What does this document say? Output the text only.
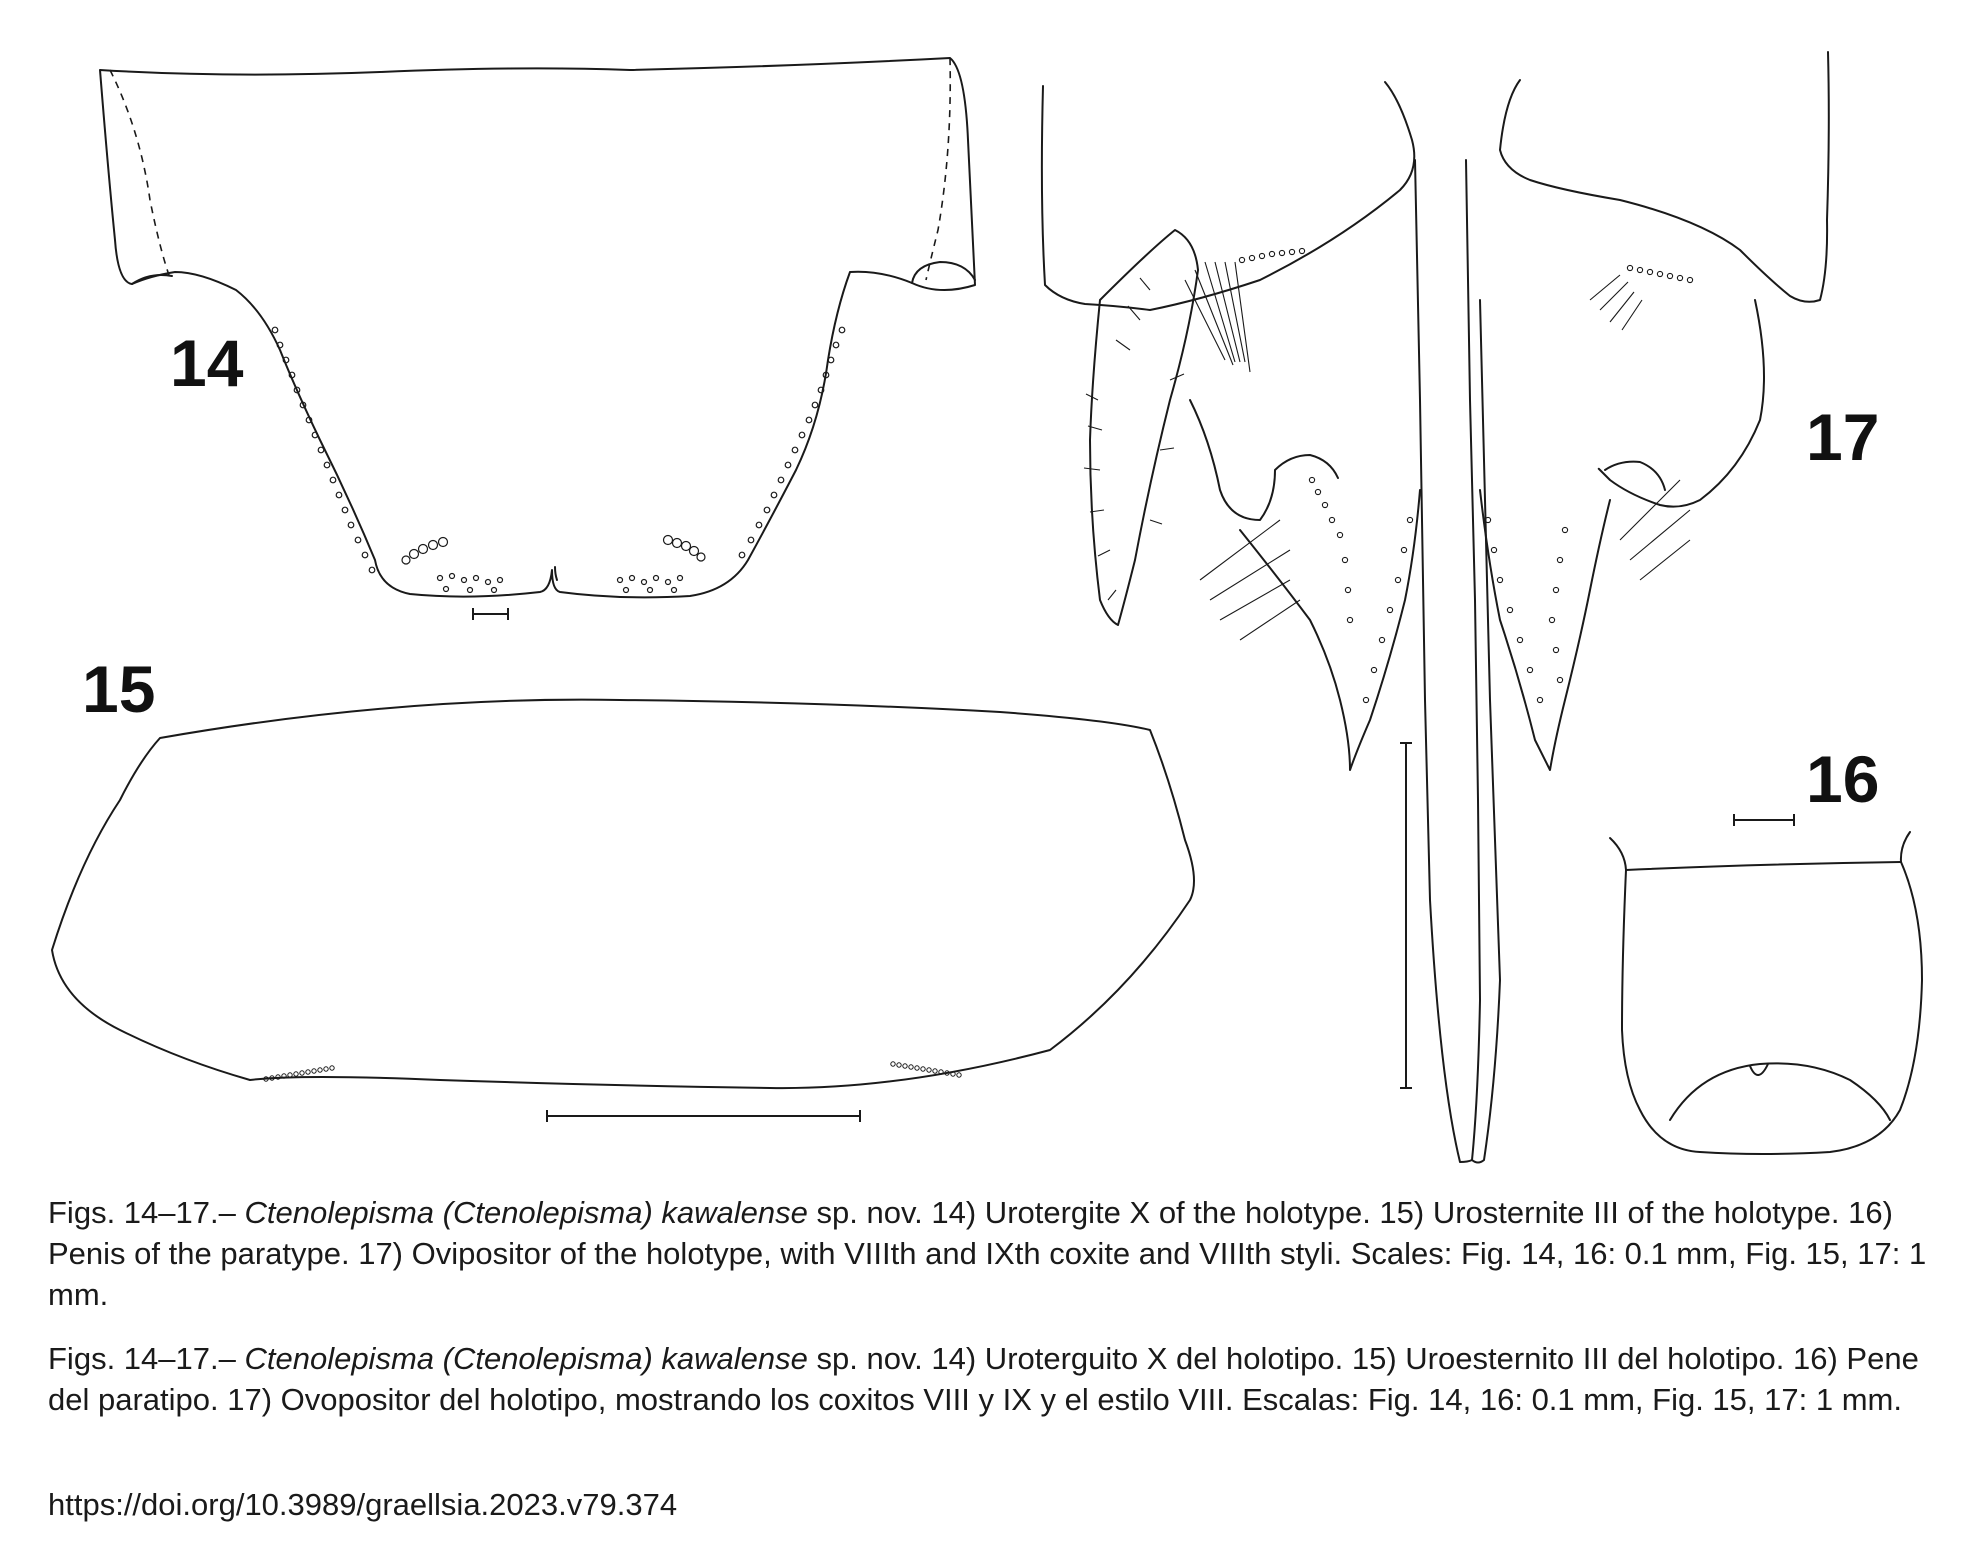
14
15
17
16
Figs. 14–17.– Ctenolepisma (Ctenolepisma) kawalense sp. nov. 14) Urotergite X of the holotype. 15) Urosternite III of the holotype. 16) Penis of the paratype. 17) Ovipositor of the holotype, with VIIIth and IXth coxite and VIIIth styli. Scales: Fig. 14, 16: 0.1 mm, Fig. 15, 17: 1 mm.
Figs. 14–17.– Ctenolepisma (Ctenolepisma) kawalense sp. nov. 14) Uroterguito X del holotipo. 15) Uroesternito III del holotipo. 16) Pene del paratipo. 17) Ovopositor del holotipo, mostrando los coxitos VIII y IX y el estilo VIII. Escalas: Fig. 14, 16: 0.1 mm, Fig. 15, 17: 1 mm.
https://doi.org/10.3989/graellsia.2023.v79.374
